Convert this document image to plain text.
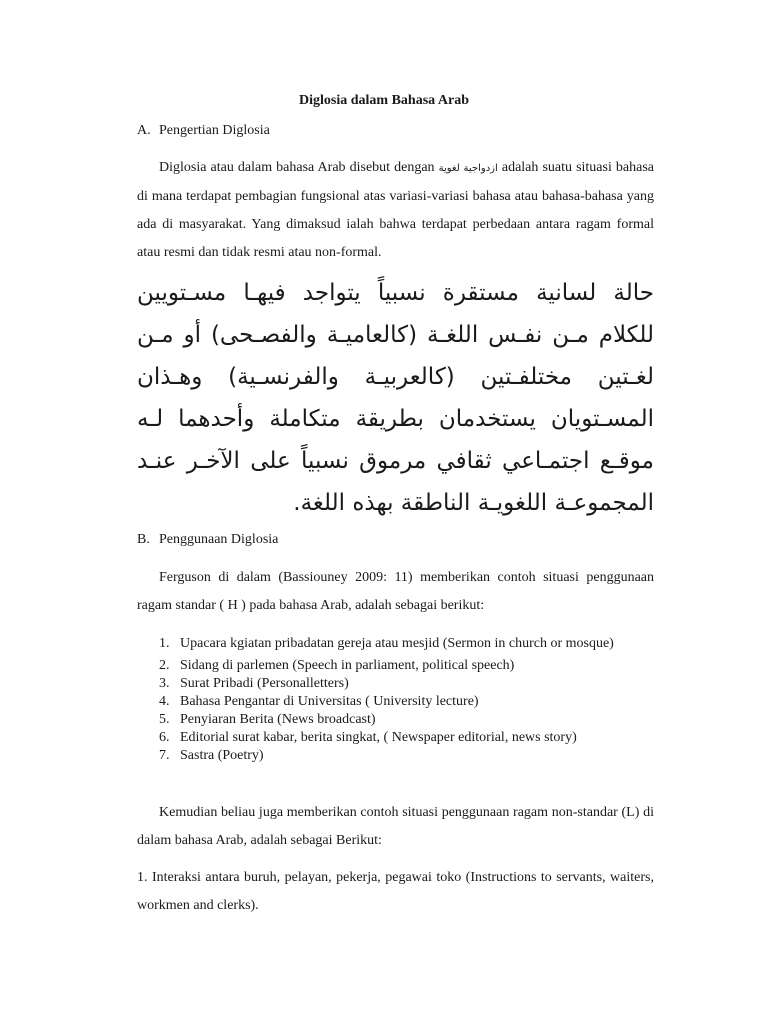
Diglosia dalam Bahasa Arab
A. Pengertian Diglosia
Diglosia atau dalam bahasa Arab disebut dengan ازدواجية لغوية adalah suatu situasi bahasa di mana terdapat pembagian fungsional atas variasi-variasi bahasa atau bahasa-bahasa yang ada di masyarakat. Yang dimaksud ialah bahwa terdapat perbedaan antara ragam formal atau resmi dan tidak resmi atau non-formal.
حالة لسانية مستقرة نسبياً يتواجد فيهـا مسـتويين للكلام مـن نفـس اللغـة (كالعاميـة والفصـحى) أو مـن لغـتين مختلفـتين (كالعربيـة والفرنسـية) وهـذان المسـتويان يستخدمان بطريقة متكاملة وأحدهما لـه موقـع اجتمـاعي ثقافي مرموق نسبياً على الآخـر عنـد المجموعـة اللغويـة الناطقة بهذه اللغة.
B. Penggunaan Diglosia
Ferguson di dalam (Bassiouney 2009: 11) memberikan contoh situasi penggunaan ragam standar ( H ) pada bahasa Arab, adalah sebagai berikut:
1. Upacara kgiatan pribadatan gereja atau mesjid (Sermon in church or mosque)
2. Sidang di parlemen (Speech in parliament, political speech)
3. Surat Pribadi (Personalletters)
4. Bahasa Pengantar di Universitas ( University lecture)
5. Penyiaran Berita (News broadcast)
6. Editorial surat kabar, berita singkat, ( Newspaper editorial, news story)
7. Sastra (Poetry)
Kemudian beliau juga memberikan contoh situasi penggunaan ragam non-standar (L) di dalam bahasa Arab, adalah sebagai Berikut:
1. Interaksi antara buruh, pelayan, pekerja, pegawai toko (Instructions to servants, waiters, workmen and clerks).
